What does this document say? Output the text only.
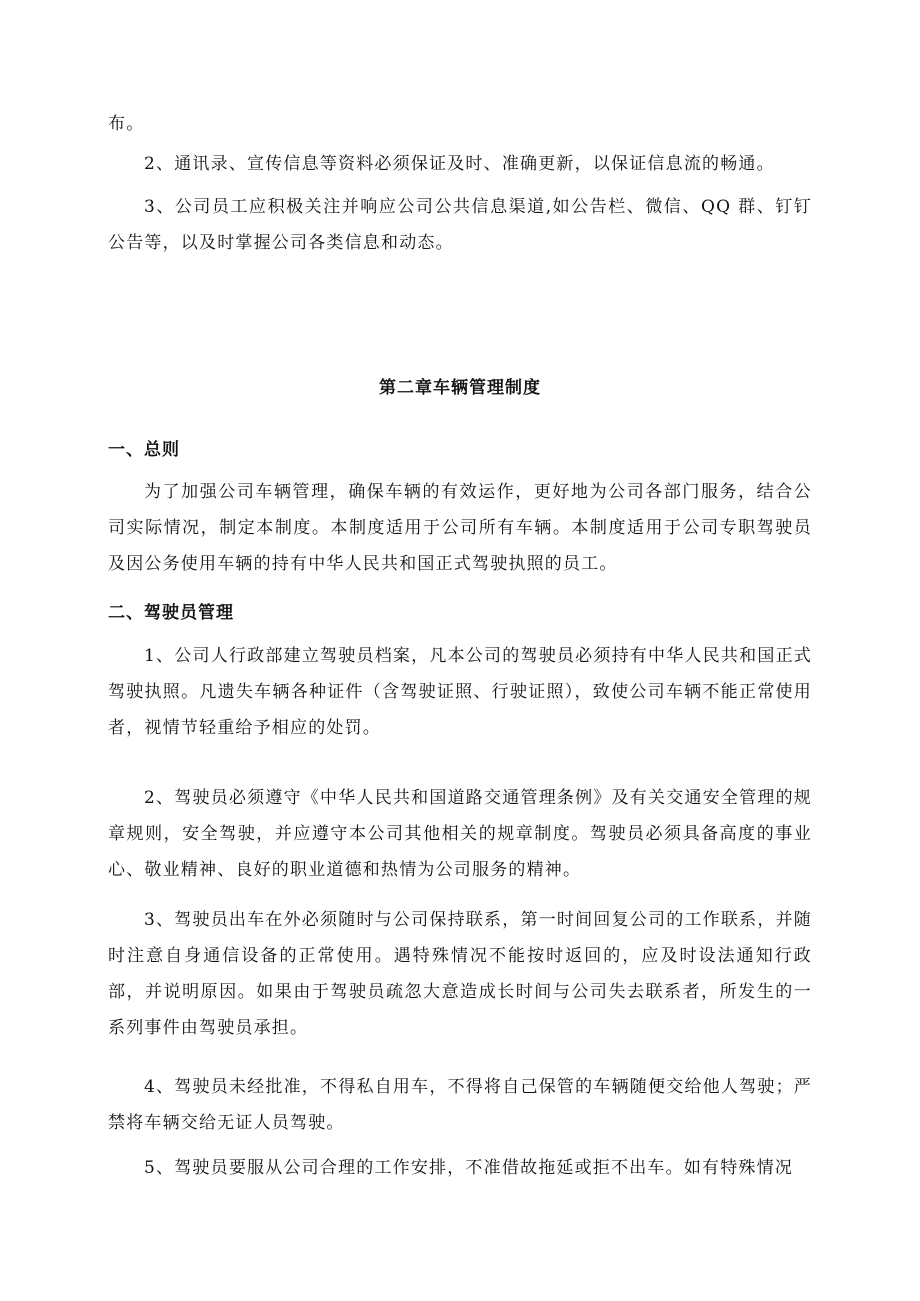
布。

2、通讯录、宣传信息等资料必须保证及时、准确更新，以保证信息流的畅通。

3、公司员工应积极关注并响应公司公共信息渠道,如公告栏、微信、QQ 群、钉钉公告等，以及时掌握公司各类信息和动态。

第二章车辆管理制度
一、总则

为了加强公司车辆管理，确保车辆的有效运作，更好地为公司各部门服务，结合公司实际情况，制定本制度。本制度适用于公司所有车辆。本制度适用于公司专职驾驶员及因公务使用车辆的持有中华人民共和国正式驾驶执照的员工。

二、驾驶员管理

1、公司人行政部建立驾驶员档案，凡本公司的驾驶员必须持有中华人民共和国正式驾驶执照。凡遗失车辆各种证件（含驾驶证照、行驶证照），致使公司车辆不能正常使用者，视情节轻重给予相应的处罚。

2、驾驶员必须遵守《中华人民共和国道路交通管理条例》及有关交通安全管理的规章规则，安全驾驶，并应遵守本公司其他相关的规章制度。驾驶员必须具备高度的事业心、敬业精神、良好的职业道德和热情为公司服务的精神。

3、驾驶员出车在外必须随时与公司保持联系，第一时间回复公司的工作联系，并随时注意自身通信设备的正常使用。遇特殊情况不能按时返回的，应及时设法通知行政部，并说明原因。如果由于驾驶员疏忽大意造成长时间与公司失去联系者，所发生的一系列事件由驾驶员承担。

4、驾驶员未经批准，不得私自用车，不得将自己保管的车辆随便交给他人驾驶；严禁将车辆交给无证人员驾驶。

5、驾驶员要服从公司合理的工作安排，不准借故拖延或拒不出车。如有特殊情况
